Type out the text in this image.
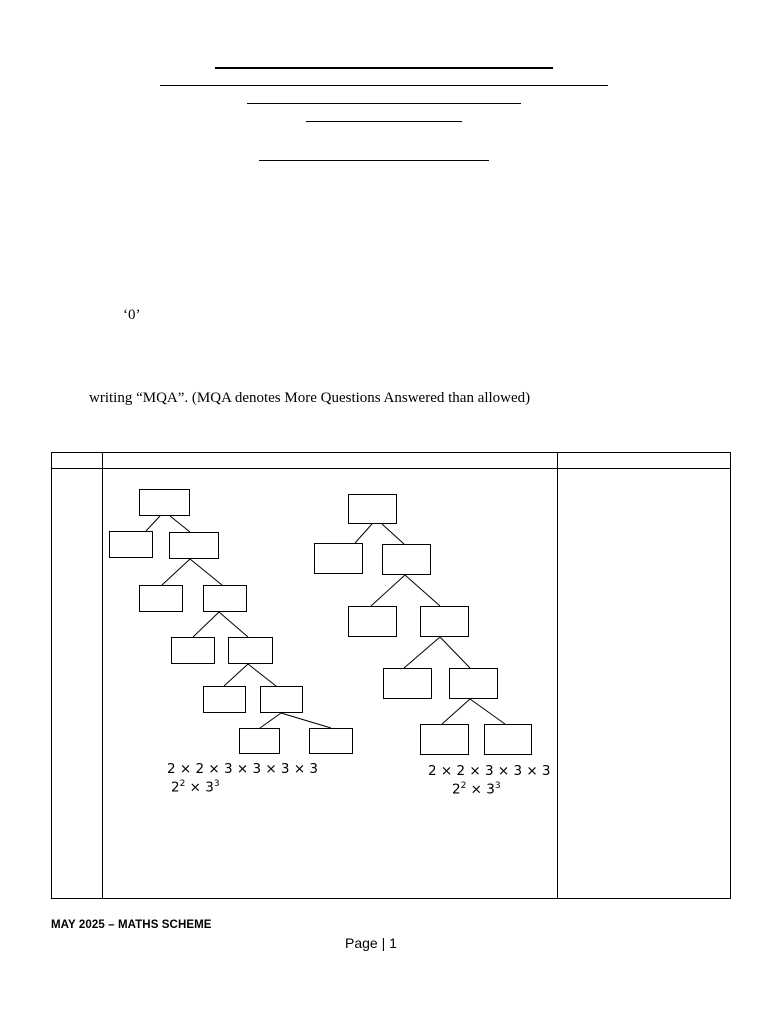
‘0’
writing “MQA”. (MQA denotes More Questions Answered than allowed)
2 × 2 × 3 × 3 × 3 × 3
$2^2 \times 3^3$
2 × 2 × 3 × 3 × 3
$2^2 \times 3^3$
MAY 2025 – MATHS SCHEME
Page | 1
